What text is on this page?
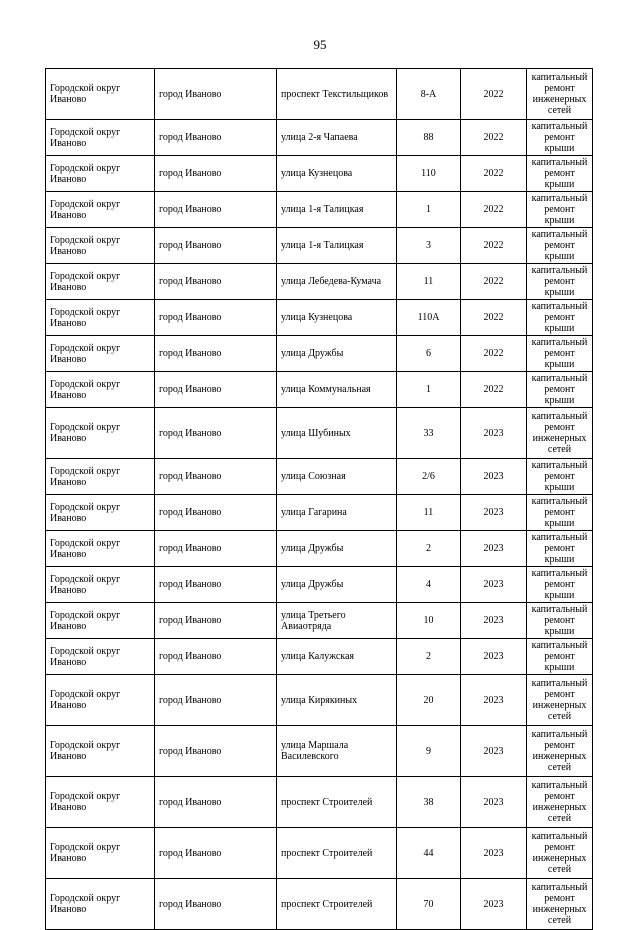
95
Городской округ Иваново	город Иваново	проспект Текстильщиков	8-А	2022	капитальный ремонт инженерных сетей
Городской округ Иваново	город Иваново	улица 2-я Чапаева	88	2022	капитальный ремонт крыши
Городской округ Иваново	город Иваново	улица Кузнецова	110	2022	капитальный ремонт крыши
Городской округ Иваново	город Иваново	улица 1-я Талицкая	1	2022	капитальный ремонт крыши
Городской округ Иваново	город Иваново	улица 1-я Талицкая	3	2022	капитальный ремонт крыши
Городской округ Иваново	город Иваново	улица Лебедева-Кумача	11	2022	капитальный ремонт крыши
Городской округ Иваново	город Иваново	улица Кузнецова	110А	2022	капитальный ремонт крыши
Городской округ Иваново	город Иваново	улица Дружбы	6	2022	капитальный ремонт крыши
Городской округ Иваново	город Иваново	улица Коммунальная	1	2022	капитальный ремонт крыши
Городской округ Иваново	город Иваново	улица Шубиных	33	2023	капитальный ремонт инженерных сетей
Городской округ Иваново	город Иваново	улица Союзная	2/6	2023	капитальный ремонт крыши
Городской округ Иваново	город Иваново	улица Гагарина	11	2023	капитальный ремонт крыши
Городской округ Иваново	город Иваново	улица Дружбы	2	2023	капитальный ремонт крыши
Городской округ Иваново	город Иваново	улица Дружбы	4	2023	капитальный ремонт крыши
Городской округ Иваново	город Иваново	улица Третьего Авиаотряда	10	2023	капитальный ремонт крыши
Городской округ Иваново	город Иваново	улица Калужская	2	2023	капитальный ремонт крыши
Городской округ Иваново	город Иваново	улица Кирякиных	20	2023	капитальный ремонт инженерных сетей
Городской округ Иваново	город Иваново	улица Маршала Василевского	9	2023	капитальный ремонт инженерных сетей
Городской округ Иваново	город Иваново	проспект Строителей	38	2023	капитальный ремонт инженерных сетей
Городской округ Иваново	город Иваново	проспект Строителей	44	2023	капитальный ремонт инженерных сетей
Городской округ Иваново	город Иваново	проспект Строителей	70	2023	капитальный ремонт инженерных сетей
